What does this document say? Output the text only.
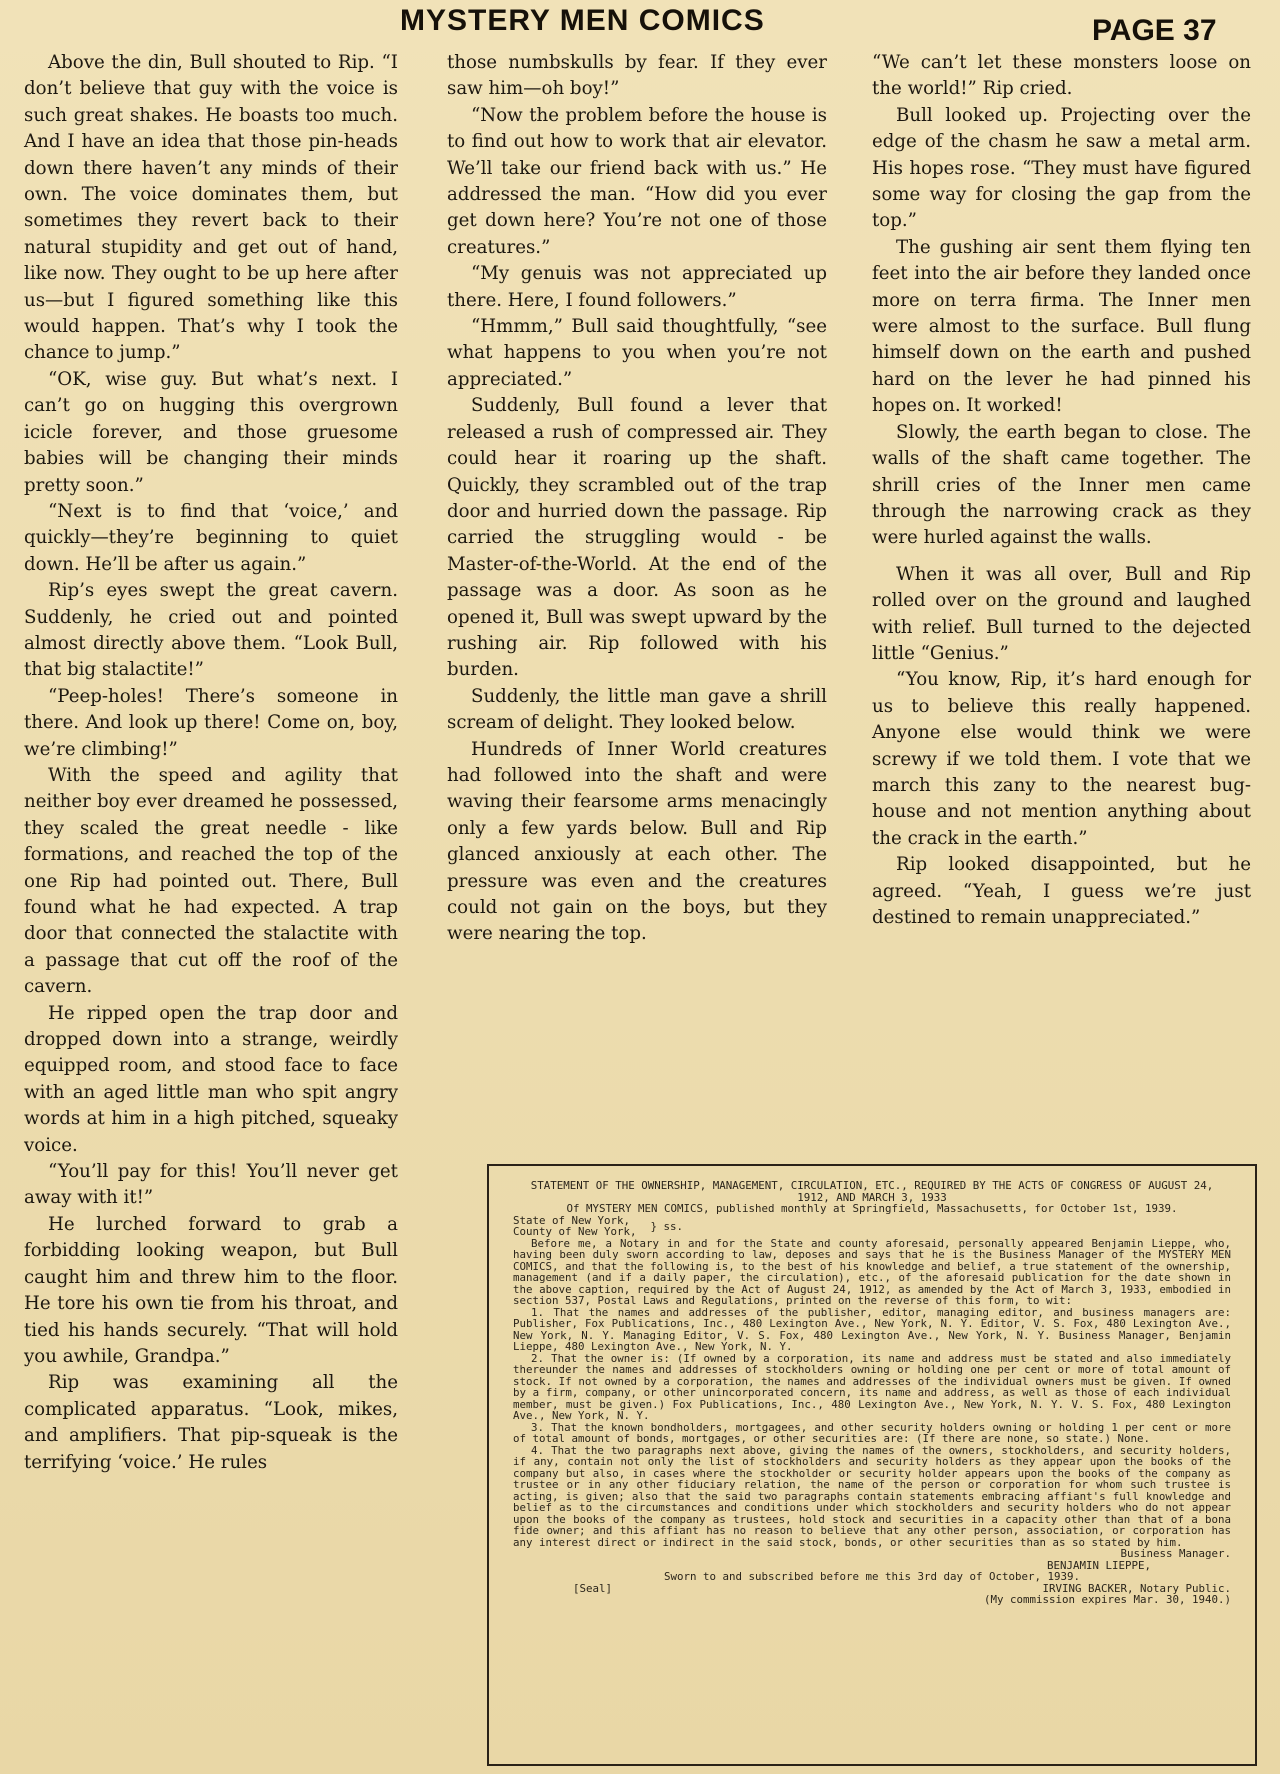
MYSTERY MEN COMICS	PAGE 37

Above the din, Bull shouted to Rip. “I don’t believe that guy with the voice is such great shakes. He boasts too much. And I have an idea that those pin-heads down there haven’t any minds of their own. The voice dominates them, but sometimes they revert back to their natural stupidity and get out of hand, like now. They ought to be up here after us—but I figured something like this would happen. That’s why I took the chance to jump.”

“OK, wise guy. But what’s next. I can’t go on hugging this overgrown icicle forever, and those gruesome babies will be changing their minds pretty soon.”

“Next is to find that ‘voice,’ and quickly—they’re beginning to quiet down. He’ll be after us again.”

Rip’s eyes swept the great cavern. Suddenly, he cried out and pointed almost directly above them. “Look Bull, that big stalactite!”

“Peep-holes! There’s someone in there. And look up there! Come on, boy, we’re climbing!”

With the speed and agility that neither boy ever dreamed he possessed, they scaled the great needle - like formations, and reached the top of the one Rip had pointed out. There, Bull found what he had expected. A trap door that connected the stalactite with a passage that cut off the roof of the cavern.

He ripped open the trap door and dropped down into a strange, weirdly equipped room, and stood face to face with an aged little man who spit angry words at him in a high pitched, squeaky voice.

“You’ll pay for this! You’ll never get away with it!”

He lurched forward to grab a forbidding looking weapon, but Bull caught him and threw him to the floor. He tore his own tie from his throat, and tied his hands securely. “That will hold you awhile, Grandpa.”

Rip was examining all the complicated apparatus. “Look, mikes, and amplifiers. That pip-squeak is the terrifying ‘voice.’ He rules

those numbskulls by fear. If they ever saw him—oh boy!”

“Now the problem before the house is to find out how to work that air elevator. We’ll take our friend back with us.” He addressed the man. “How did you ever get down here? You’re not one of those creatures.”

“My genuis was not appreciated up there. Here, I found followers.”

“Hmmm,” Bull said thoughtfully, “see what happens to you when you’re not appreciated.”

Suddenly, Bull found a lever that released a rush of compressed air. They could hear it roaring up the shaft. Quickly, they scrambled out of the trap door and hurried down the passage. Rip carried the struggling would - be Master-of-the-World. At the end of the passage was a door. As soon as he opened it, Bull was swept upward by the rushing air. Rip followed with his burden.

Suddenly, the little man gave a shrill scream of delight. They looked below.

Hundreds of Inner World creatures had followed into the shaft and were waving their fearsome arms menacingly only a few yards below. Bull and Rip glanced anxiously at each other. The pressure was even and the creatures could not gain on the boys, but they were nearing the top.

“We can’t let these monsters loose on the world!” Rip cried.

Bull looked up. Projecting over the edge of the chasm he saw a metal arm. His hopes rose. “They must have figured some way for closing the gap from the top.”

The gushing air sent them flying ten feet into the air before they landed once more on terra firma. The Inner men were almost to the surface. Bull flung himself down on the earth and pushed hard on the lever he had pinned his hopes on. It worked!

Slowly, the earth began to close. The walls of the shaft came together. The shrill cries of the Inner men came through the narrowing crack as they were hurled against the walls.

When it was all over, Bull and Rip rolled over on the ground and laughed with relief. Bull turned to the dejected little “Genius.”

“You know, Rip, it’s hard enough for us to believe this really happened. Anyone else would think we were screwy if we told them. I vote that we march this zany to the nearest bug-house and not mention anything about the crack in the earth.”

Rip looked disappointed, but he agreed. “Yeah, I guess we’re just destined to remain unappreciated.”

STATEMENT OF THE OWNERSHIP, MANAGEMENT, CIRCULATION, ETC., REQUIRED BY THE ACTS OF CONGRESS OF AUGUST 24, 1912, AND MARCH 3, 1933

Of MYSTERY MEN COMICS, published monthly at Springfield, Massachusetts, for October 1st, 1939.

State of New York,

County of New York, } ss.

Before me, a Notary in and for the State and county aforesaid, personally appeared Benjamin Lieppe, who, having been duly sworn according to law, deposes and says that he is the Business Manager of the MYSTERY MEN COMICS, and that the following is, to the best of his knowledge and belief, a true statement of the ownership, management (and if a daily paper, the circulation), etc., of the aforesaid publication for the date shown in the above caption, required by the Act of August 24, 1912, as amended by the Act of March 3, 1933, embodied in section 537, Postal Laws and Regulations, printed on the reverse of this form, to wit:

1. That the names and addresses of the publisher, editor, managing editor, and business managers are: Publisher, Fox Publications, Inc., 480 Lexington Ave., New York, N. Y. Editor, V. S. Fox, 480 Lexington Ave., New York, N. Y. Managing Editor, V. S. Fox, 480 Lexington Ave., New York, N. Y. Business Manager, Benjamin Lieppe, 480 Lexington Ave., New York, N. Y.

2. That the owner is: (If owned by a corporation, its name and address must be stated and also immediately thereunder the names and addresses of stockholders owning or holding one per cent or more of total amount of stock. If not owned by a corporation, the names and addresses of the individual owners must be given. If owned by a firm, company, or other unincorporated concern, its name and address, as well as those of each individual member, must be given.) Fox Publications, Inc., 480 Lexington Ave., New York, N. Y. V. S. Fox, 480 Lexington Ave., New York, N. Y.

3. That the known bondholders, mortgagees, and other security holders owning or holding 1 per cent or more of total amount of bonds, mortgages, or other securities are: (If there are none, so state.) None.

4. That the two paragraphs next above, giving the names of the owners, stockholders, and security holders, if any, contain not only the list of stockholders and security holders as they appear upon the books of the company but also, in cases where the stockholder or security holder appears upon the books of the company as trustee or in any other fiduciary relation, the name of the person or corporation for whom such trustee is acting, is given; also that the said two paragraphs contain statements embracing affiant's full knowledge and belief as to the circumstances and conditions under which stockholders and security holders who do not appear upon the books of the company as trustees, hold stock and securities in a capacity other than that of a bona fide owner; and this affiant has no reason to believe that any other person, association, or corporation has any interest direct or indirect in the said stock, bonds, or other securities than as so stated by him.

Business Manager.

BENJAMIN LIEPPE,

Sworn to and subscribed before me this 3rd day of October, 1939.

[Seal]	IRVING BACKER, Notary Public.

(My commission expires Mar. 30, 1940.)
